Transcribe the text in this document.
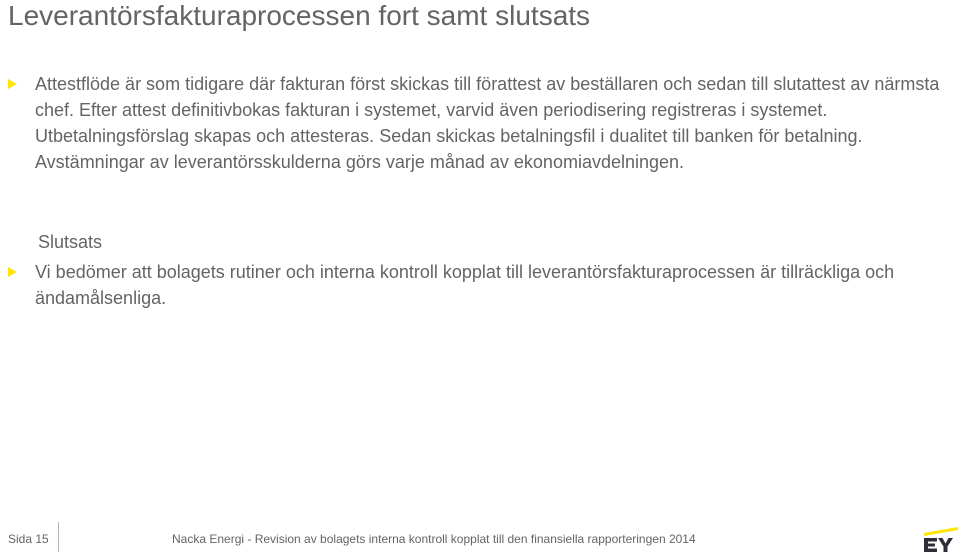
Leverantörsfakturaprocessen fort samt slutsats
Attestflöde är som tidigare där fakturan först skickas till förattest av beställaren och sedan till slutattest av närmsta chef. Efter attest definitivbokas fakturan i systemet, varvid även periodisering registreras i systemet. Utbetalningsförslag skapas och attesteras. Sedan skickas betalningsfil i dualitet till banken för betalning. Avstämningar av leverantörsskulderna görs varje månad av ekonomiavdelningen.
Slutsats
Vi bedömer att bolagets rutiner och interna kontroll kopplat till leverantörsfakturaprocessen är tillräckliga och ändamålsenliga.
Sida 15	Nacka Energi - Revision av bolagets interna kontroll kopplat till den finansiella rapporteringen 2014
